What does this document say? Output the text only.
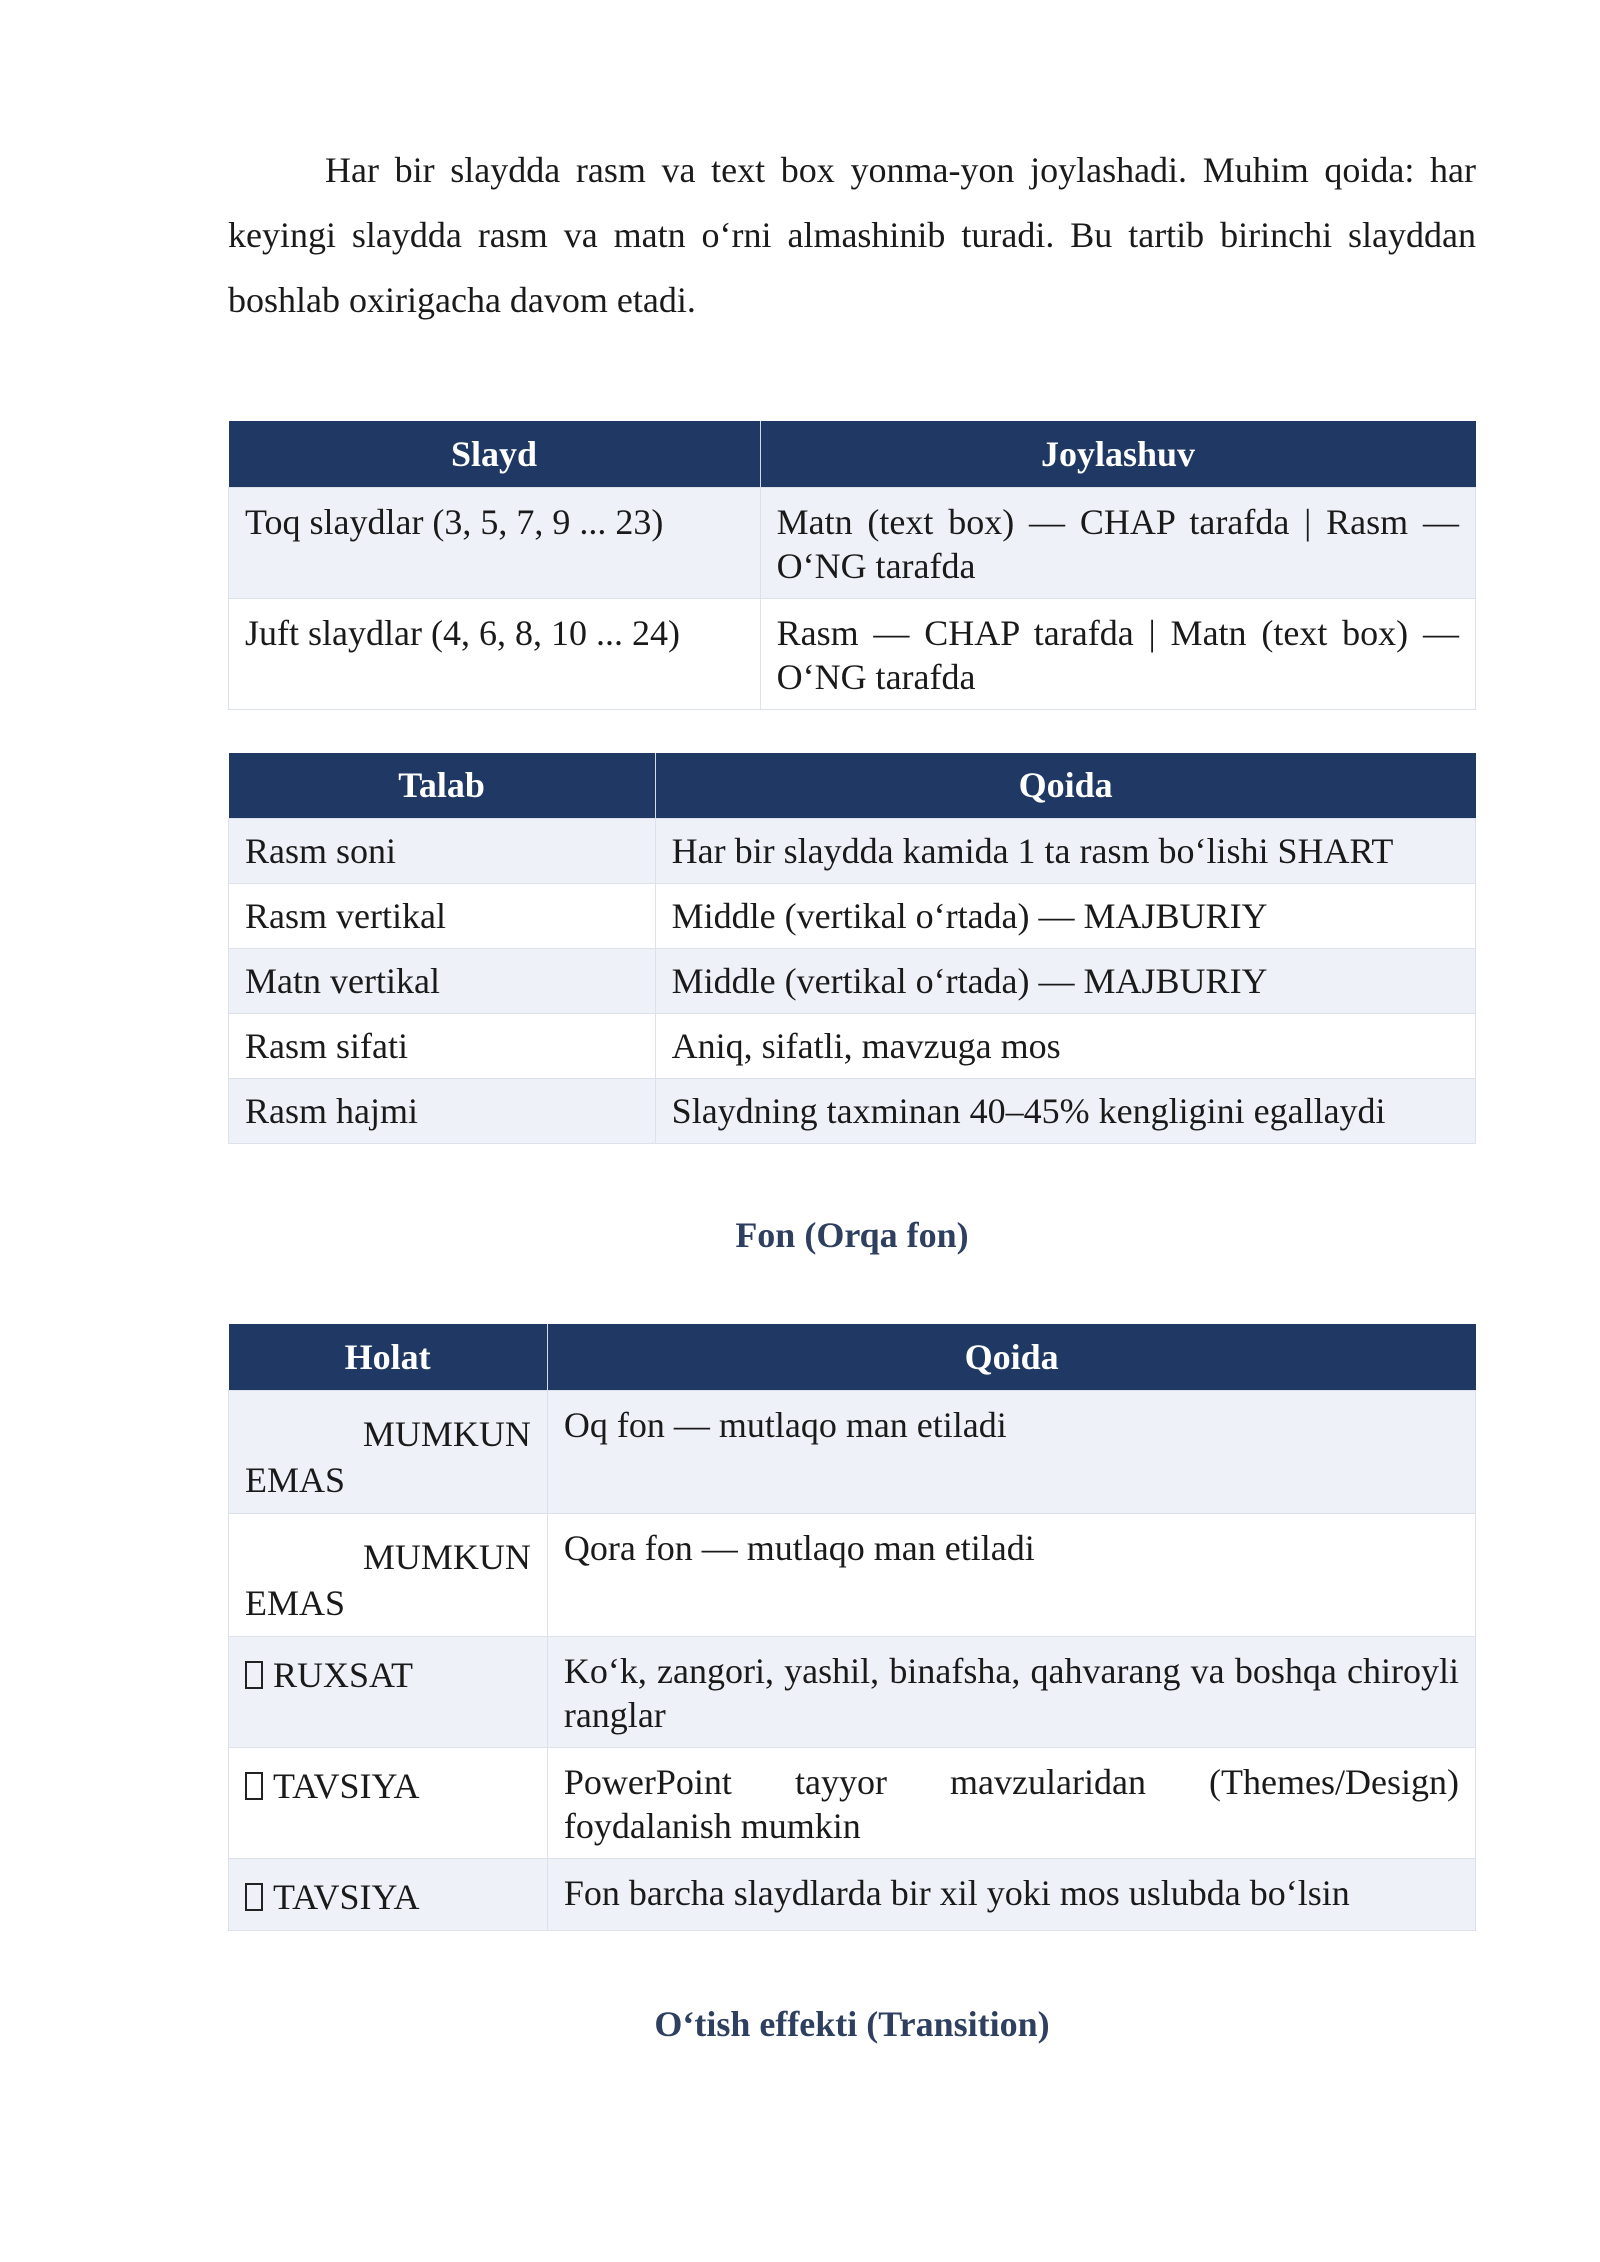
Har bir slaydda rasm va text box yonma-yon joylashadi. Muhim qoida: har keyingi slaydda rasm va matn o‘rni almashinib turadi. Bu tartib birinchi slayddan boshlab oxirigacha davom etadi.

Slayd	Joylashuv
Toq slaydlar (3, 5, 7, 9 ... 23)	Matn (text box) — CHAP tarafda | Rasm — O‘NG tarafda
Juft slaydlar (4, 6, 8, 10 ... 24)	Rasm — CHAP tarafda | Matn (text box) — O‘NG tarafda
Talab	Qoida
Rasm soni	Har bir slaydda kamida 1 ta rasm bo‘lishi SHART
Rasm vertikal	Middle (vertikal o‘rtada) — MAJBURIY
Matn vertikal	Middle (vertikal o‘rtada) — MAJBURIY
Rasm sifati	Aniq, sifatli, mavzuga mos
Rasm hajmi	Slaydning taxminan 40–45% kengligini egallaydi
Fon (Orqa fon)
Holat	Qoida

MUMKUN
EMAS	Oq fon — mutlaqo man etiladi

MUMKUN
EMAS	Qora fon — mutlaqo man etiladi

RUXSAT	Ko‘k, zangori, yashil, binafsha, qahvarang va boshqa chiroyli ranglar

TAVSIYA	PowerPoint tayyor mavzularidan (Themes/Design) foydalanish mumkin

TAVSIYA	Fon barcha slaydlarda bir xil yoki mos uslubda bo‘lsin
O‘tish effekti (Transition)
